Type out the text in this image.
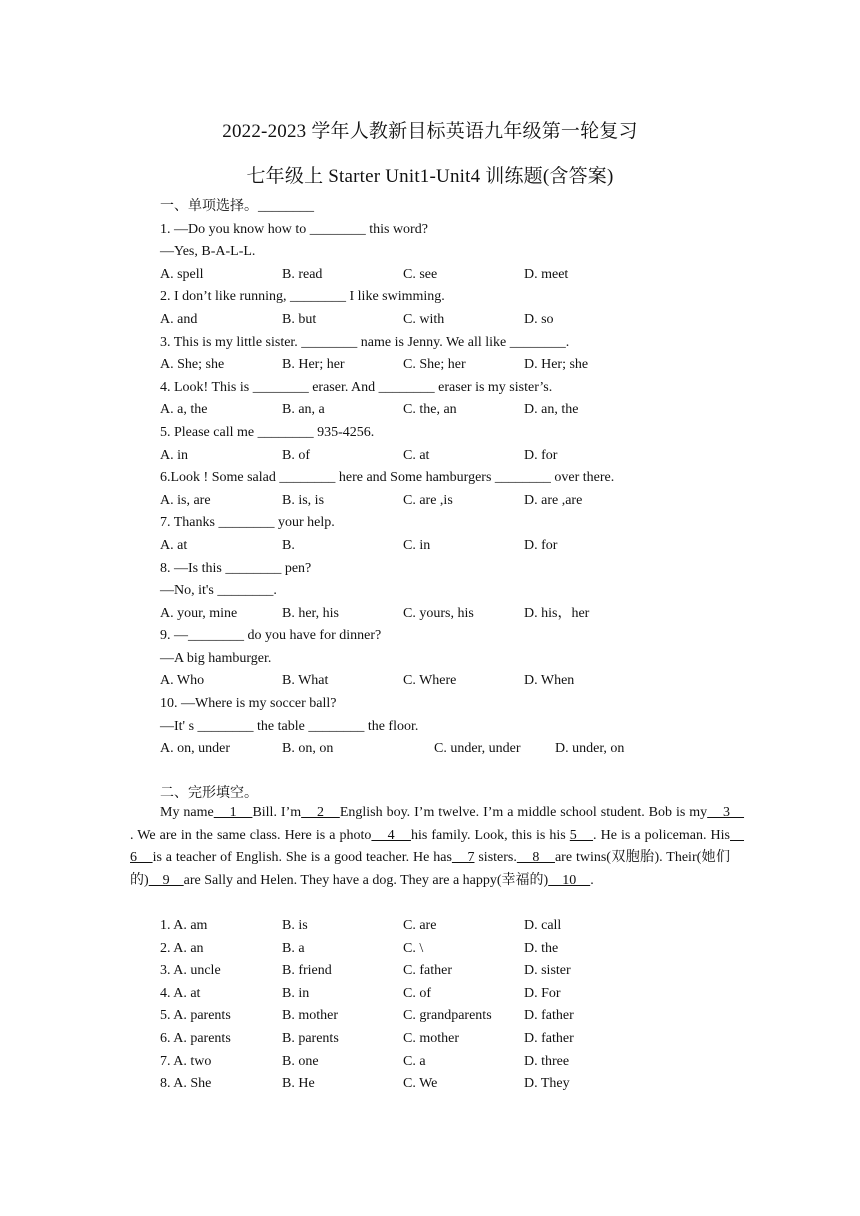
2022-2023 学年人教新目标英语九年级第一轮复习
七年级上 Starter Unit1-Unit4 训练题(含答案)
一、单项选择。________
1. —Do you know how to ________ this word?
—Yes, B-A-L-L.
A. spell	B. read	C. see	D. meet
2. I don’t like running, ________ I like swimming.
A. and	B. but	C. with	D. so
3. This is my little sister. ________ name is Jenny. We all like ________.
A. She; she	B. Her; her	C. She; her	D. Her; she
4. Look! This is ________ eraser. And ________ eraser is my sister’s.
A. a, the	B. an, a	C. the, an	D. an, the
5. Please call me ________ 935-4256.
A. in	B. of	C. at	D. for
6.Look ! Some salad ________ here and Some hamburgers ________ over there.
A. is, are	B. is, is	C. are ,is	D. are ,are
7. Thanks ________ your help.
A. at	B.	C. in	D. for
8. —Is this ________ pen?
—No, it's ________.
A. your, mine	B. her, his	C. yours, his	D. his，her
9. —________ do you have for dinner?
—A big hamburger.
A. Who	B. What	C. Where	D. When
10. —Where is my soccer ball?
—It' s ________ the table ________ the floor.
A. on, under	B. on, on	C. under, under D. under, on
二、完形填空。
My name    1    Bill. I’m    2    English boy. I’m twelve. I’m a middle school student. Bob is my    3    . We are in the same class. Here is a photo    4    his family. Look, this is his 5    . He is a policeman. His    6    is a teacher of English. She is a good teacher. He has    7 sisters.    8    are twins(双胞胎). Their(她们的)    9    are Sally and Helen. They have a dog. They are a happy(幸福的)    10    .
1. A. am	B. is	C. are	D. call
2. A. an	B. a	C. \	D. the
3. A. uncle	B. friend	C. father	D. sister
4. A. at	B. in	C. of	D. For
5. A. parents	B. mother	C. grandparents D. father
6. A. parents	B. parents	C. mother	D. father
7. A. two	B. one	C. a	D. three
8. A. She	B. He	C. We	D. They
